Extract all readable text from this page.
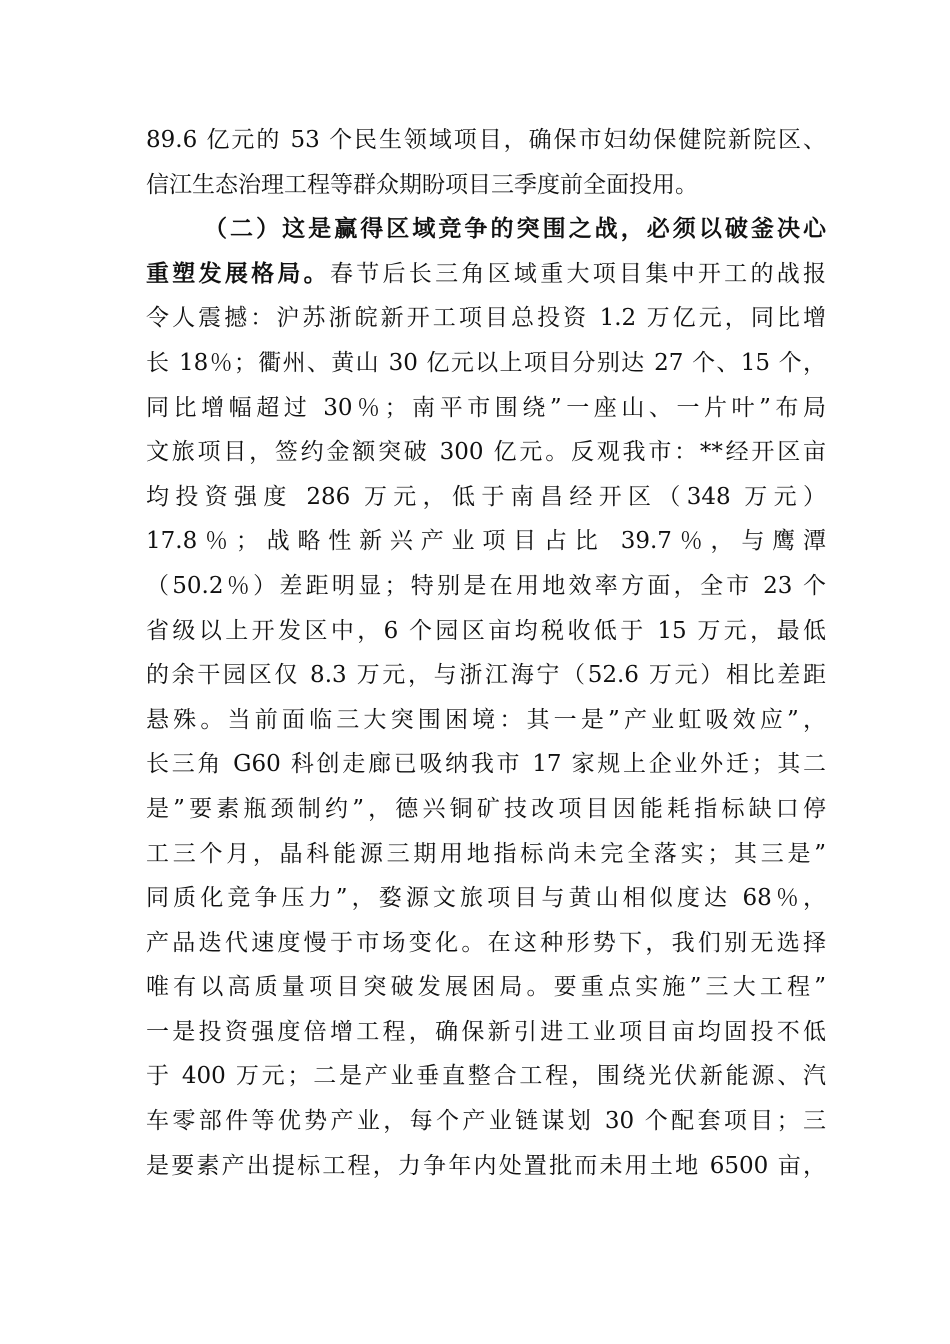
89.6 亿元的 53 个民生领域项目，确保市妇幼保健院新院区、
信江生态治理工程等群众期盼项目三季度前全面投用。
（二）这是赢得区域竞争的突围之战，必须以破釜决心
重塑发展格局。春节后长三角区域重大项目集中开工的战报
令人震撼：沪苏浙皖新开工项目总投资 1.2 万亿元，同比增
长 18％；衢州、黄山 30 亿元以上项目分别达 27 个、15 个，
同比增幅超过 30％；南平市围绕”一座山、一片叶”布局
文旅项目，签约金额突破 300 亿元。反观我市：**经开区亩
均投资强度 286 万元，低于南昌经开区（348 万元）
17.8％；战略性新兴产业项目占比 39.7％，与鹰潭
（50.2％）差距明显；特别是在用地效率方面，全市 23 个
省级以上开发区中，6 个园区亩均税收低于 15 万元，最低
的余干园区仅 8.3 万元，与浙江海宁（52.6 万元）相比差距
悬殊。当前面临三大突围困境：其一是”产业虹吸效应”，
长三角 G60 科创走廊已吸纳我市 17 家规上企业外迁；其二
是”要素瓶颈制约”，德兴铜矿技改项目因能耗指标缺口停
工三个月，晶科能源三期用地指标尚未完全落实；其三是”
同质化竞争压力”，婺源文旅项目与黄山相似度达 68％，
产品迭代速度慢于市场变化。在这种形势下，我们别无选择
唯有以高质量项目突破发展困局。要重点实施”三大工程”
一是投资强度倍增工程，确保新引进工业项目亩均固投不低
于 400 万元；二是产业垂直整合工程，围绕光伏新能源、汽
车零部件等优势产业，每个产业链谋划 30 个配套项目；三
是要素产出提标工程，力争年内处置批而未用土地 6500 亩，
